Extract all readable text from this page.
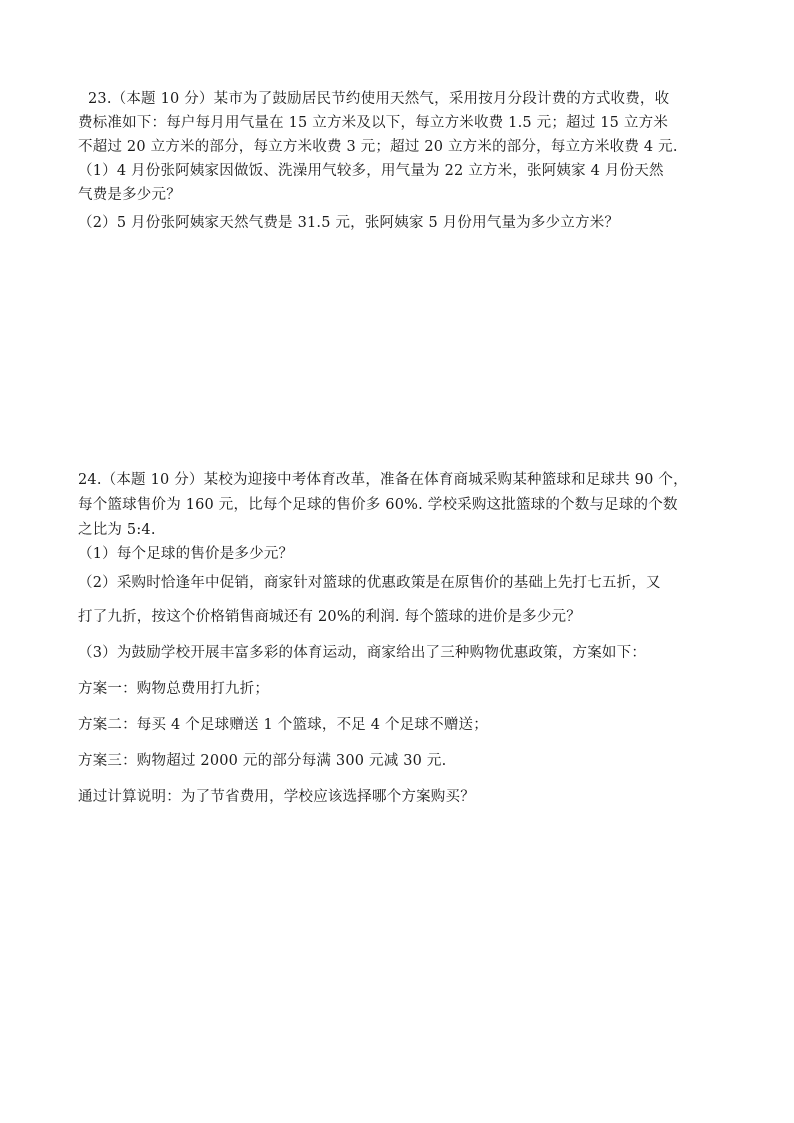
23.（本题 10 分）某市为了鼓励居民节约使用天然气，采用按月分段计费的方式收费，收
费标准如下：每户每月用气量在 15 立方米及以下，每立方米收费 1.5 元；超过 15 立方米
不超过 20 立方米的部分，每立方米收费 3 元；超过 20 立方米的部分，每立方米收费 4 元.
（1）4 月份张阿姨家因做饭、洗澡用气较多，用气量为 22 立方米，张阿姨家 4 月份天然
气费是多少元？
（2）5 月份张阿姨家天然气费是 31.5 元，张阿姨家 5 月份用气量为多少立方米？
24.（本题 10 分）某校为迎接中考体育改革，准备在体育商城采购某种篮球和足球共 90 个，
每个篮球售价为 160 元，比每个足球的售价多 60%. 学校采购这批篮球的个数与足球的个数
之比为 5:4.
（1）每个足球的售价是多少元？
（2）采购时恰逢年中促销，商家针对篮球的优惠政策是在原售价的基础上先打七五折，又
打了九折，按这个价格销售商城还有 20%的利润. 每个篮球的进价是多少元？
（3）为鼓励学校开展丰富多彩的体育运动，商家给出了三种购物优惠政策，方案如下：
方案一：购物总费用打九折；
方案二：每买 4 个足球赠送 1 个篮球，不足 4 个足球不赠送；
方案三：购物超过 2000 元的部分每满 300 元减 30 元.
通过计算说明：为了节省费用，学校应该选择哪个方案购买？
